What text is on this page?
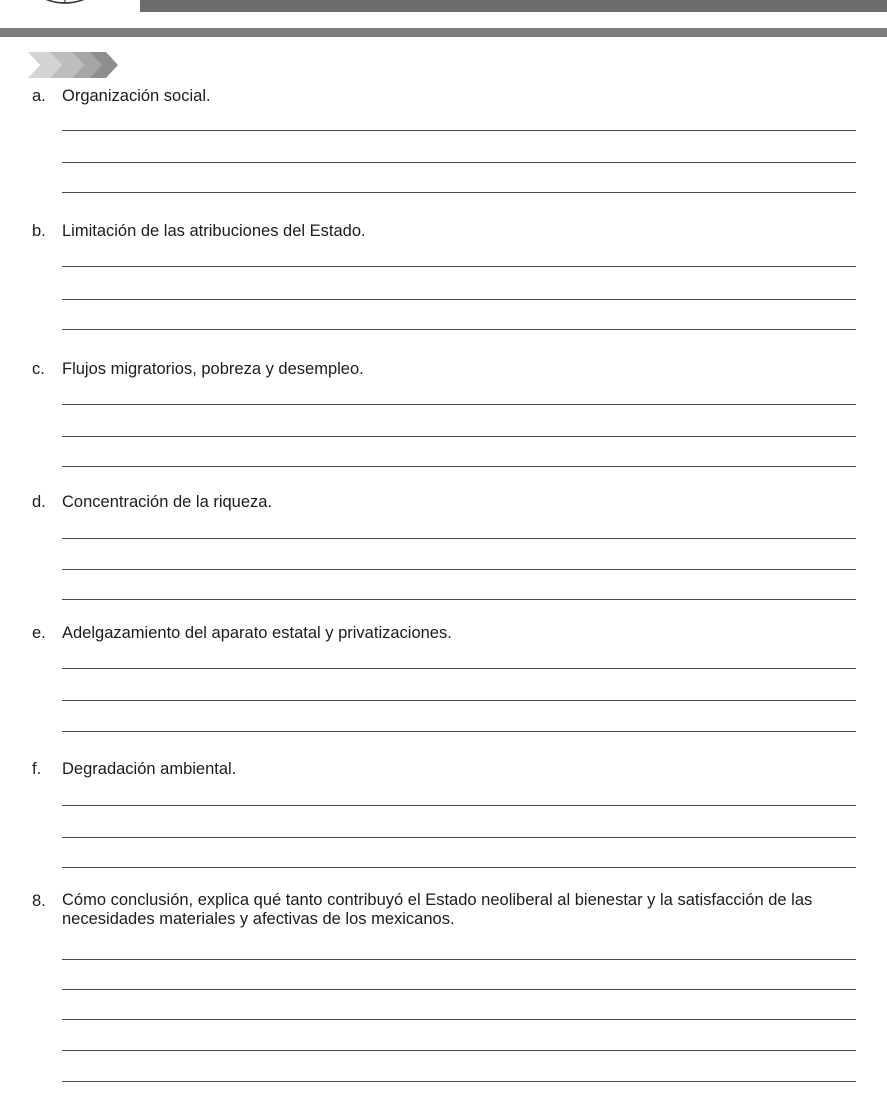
a. Organización social.
b. Limitación de las atribuciones del Estado.
c. Flujos migratorios, pobreza y desempleo.
d. Concentración de la riqueza.
e. Adelgazamiento del aparato estatal y privatizaciones.
f. Degradación ambiental.
8. Cómo conclusión, explica qué tanto contribuyó el Estado neoliberal al bienestar y la satisfacción de las necesidades materiales y afectivas de los mexicanos.
